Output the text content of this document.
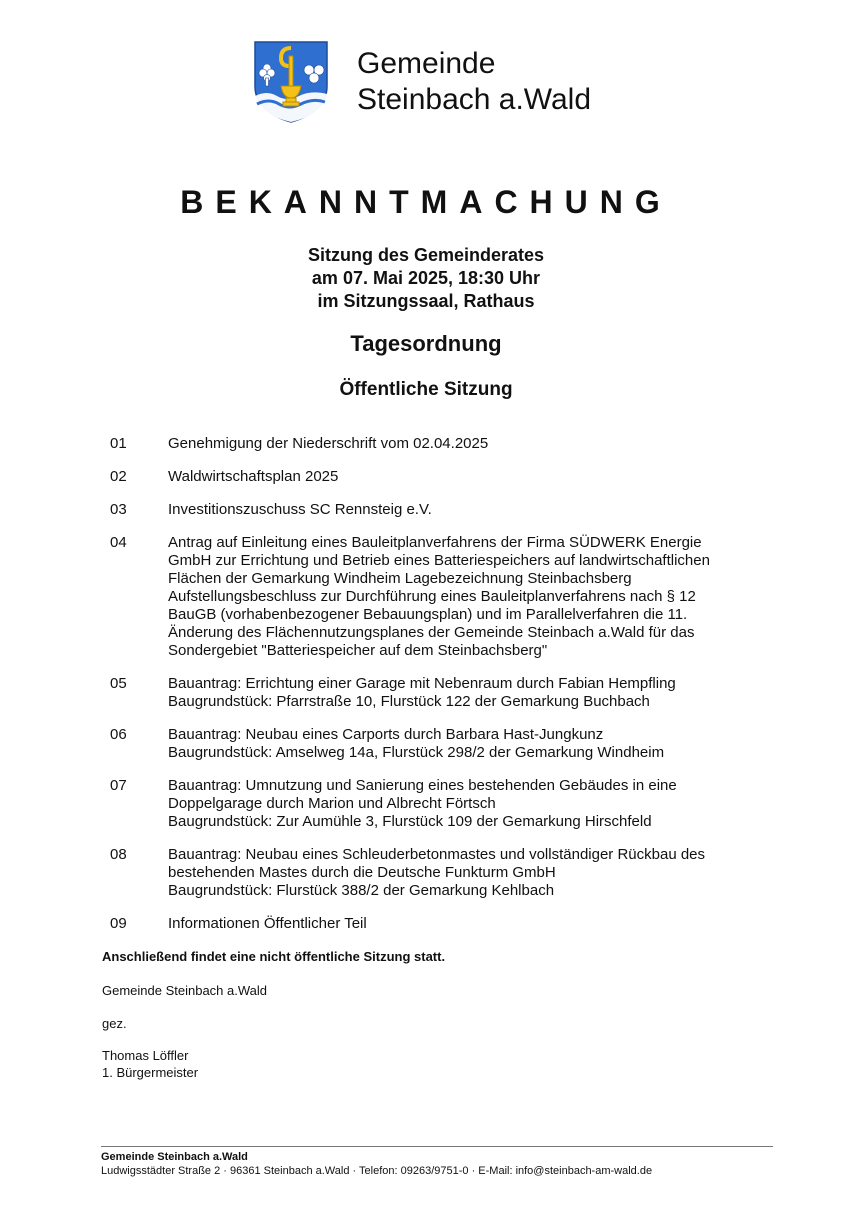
Gemeinde
Steinbach a.Wald
BEKANNTMACHUNG
Sitzung des Gemeinderates
am 07. Mai 2025, 18:30 Uhr
im Sitzungssaal, Rathaus
Tagesordnung
Öffentliche Sitzung
01	Genehmigung der Niederschrift vom 02.04.2025
02	Waldwirtschaftsplan 2025
03	Investitionszuschuss SC Rennsteig e.V.
04	Antrag auf Einleitung eines Bauleitplanverfahrens der Firma SÜDWERK Energie
GmbH zur Errichtung und Betrieb eines Batteriespeichers auf landwirtschaftlichen
Flächen der Gemarkung Windheim Lagebezeichnung Steinbachsberg
Aufstellungsbeschluss zur Durchführung eines Bauleitplanverfahrens nach § 12
BauGB (vorhabenbezogener Bebauungsplan) und im Parallelverfahren die 11.
Änderung des Flächennutzungsplanes der Gemeinde Steinbach a.Wald für das
Sondergebiet "Batteriespeicher auf dem Steinbachsberg"
05	Bauantrag: Errichtung einer Garage mit Nebenraum durch Fabian Hempfling
Baugrundstück: Pfarrstraße 10, Flurstück 122 der Gemarkung Buchbach
06	Bauantrag: Neubau eines Carports durch Barbara Hast-Jungkunz
Baugrundstück: Amselweg 14a, Flurstück 298/2 der Gemarkung Windheim
07	Bauantrag: Umnutzung und Sanierung eines bestehenden Gebäudes in eine
Doppelgarage durch Marion und Albrecht Förtsch
Baugrundstück: Zur Aumühle 3, Flurstück 109 der Gemarkung Hirschfeld
08	Bauantrag: Neubau eines Schleuderbetonmastes und vollständiger Rückbau des
bestehenden Mastes durch die Deutsche Funkturm GmbH
Baugrundstück: Flurstück 388/2 der Gemarkung Kehlbach
09	Informationen Öffentlicher Teil
Anschließend findet eine nicht öffentliche Sitzung statt.
Gemeinde Steinbach a.Wald
gez.
Thomas Löffler
1. Bürgermeister
Gemeinde Steinbach a.Wald
Ludwigsstädter Straße 2 · 96361 Steinbach a.Wald · Telefon: 09263/9751-0 · E-Mail: info@steinbach-am-wald.de
